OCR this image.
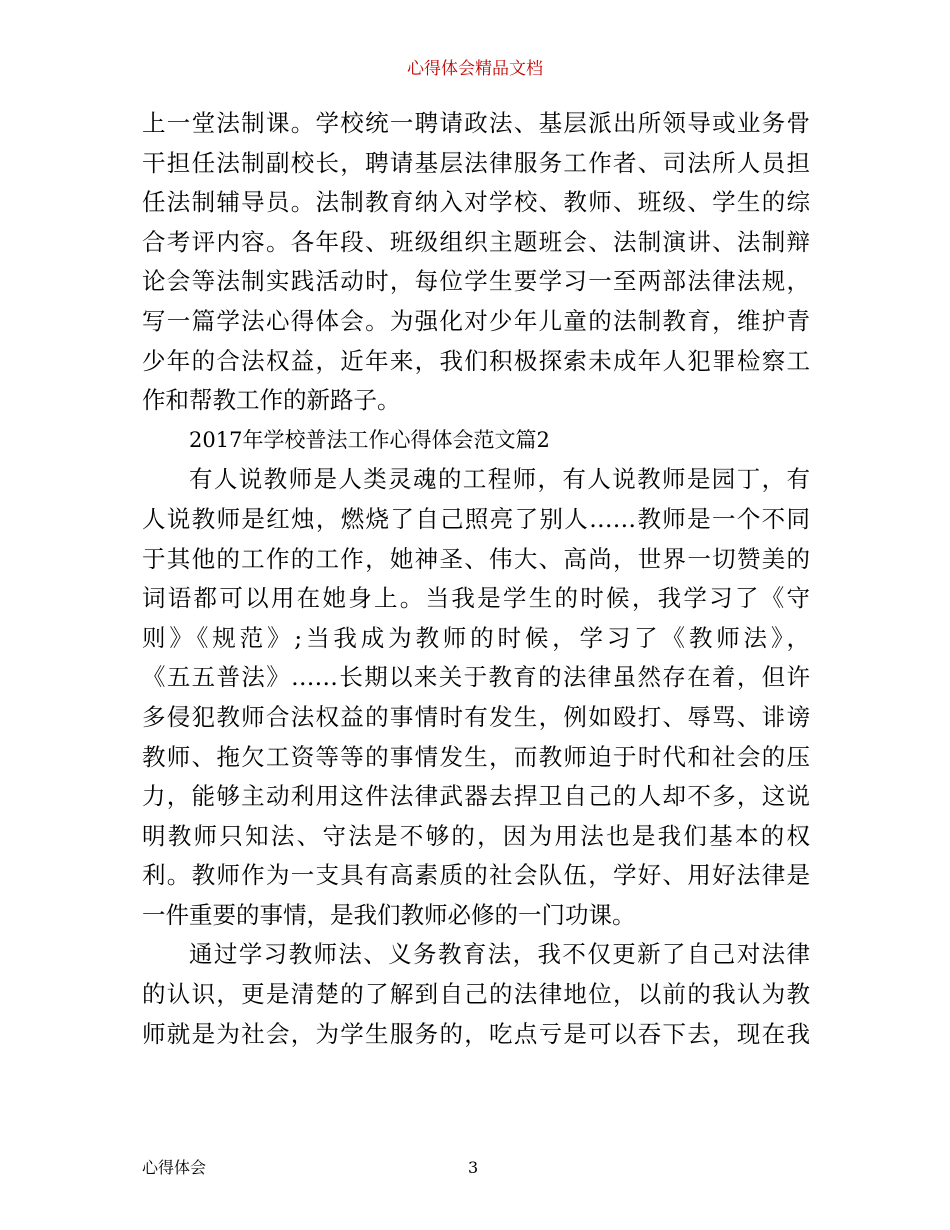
心得体会精品文档
上一堂法制课。学校统一聘请政法、基层派出所领导或业务骨
干担任法制副校长，聘请基层法律服务工作者、司法所人员担
任法制辅导员。法制教育纳入对学校、教师、班级、学生的综
合考评内容。各年段、班级组织主题班会、法制演讲、法制辩
论会等法制实践活动时，每位学生要学习一至两部法律法规，
写一篇学法心得体会。为强化对少年儿童的法制教育，维护青
少年的合法权益，近年来，我们积极探索未成年人犯罪检察工
作和帮教工作的新路子。
2017年学校普法工作心得体会范文篇2
有人说教师是人类灵魂的工程师，有人说教师是园丁，有
人说教师是红烛，燃烧了自己照亮了别人……教师是一个不同
于其他的工作的工作，她神圣、伟大、高尚，世界一切赞美的
词语都可以用在她身上。当我是学生的时候，我学习了《守
则》《规范》;当我成为教师的时候，学习了《教师法》，
《五五普法》……长期以来关于教育的法律虽然存在着，但许
多侵犯教师合法权益的事情时有发生，例如殴打、辱骂、诽谤
教师、拖欠工资等等的事情发生，而教师迫于时代和社会的压
力，能够主动利用这件法律武器去捍卫自己的人却不多，这说
明教师只知法、守法是不够的，因为用法也是我们基本的权
利。教师作为一支具有高素质的社会队伍，学好、用好法律是
一件重要的事情，是我们教师必修的一门功课。
通过学习教师法、义务教育法，我不仅更新了自己对法律
的认识，更是清楚的了解到自己的法律地位，以前的我认为教
师就是为社会，为学生服务的，吃点亏是可以吞下去，现在我
心得体会	3
